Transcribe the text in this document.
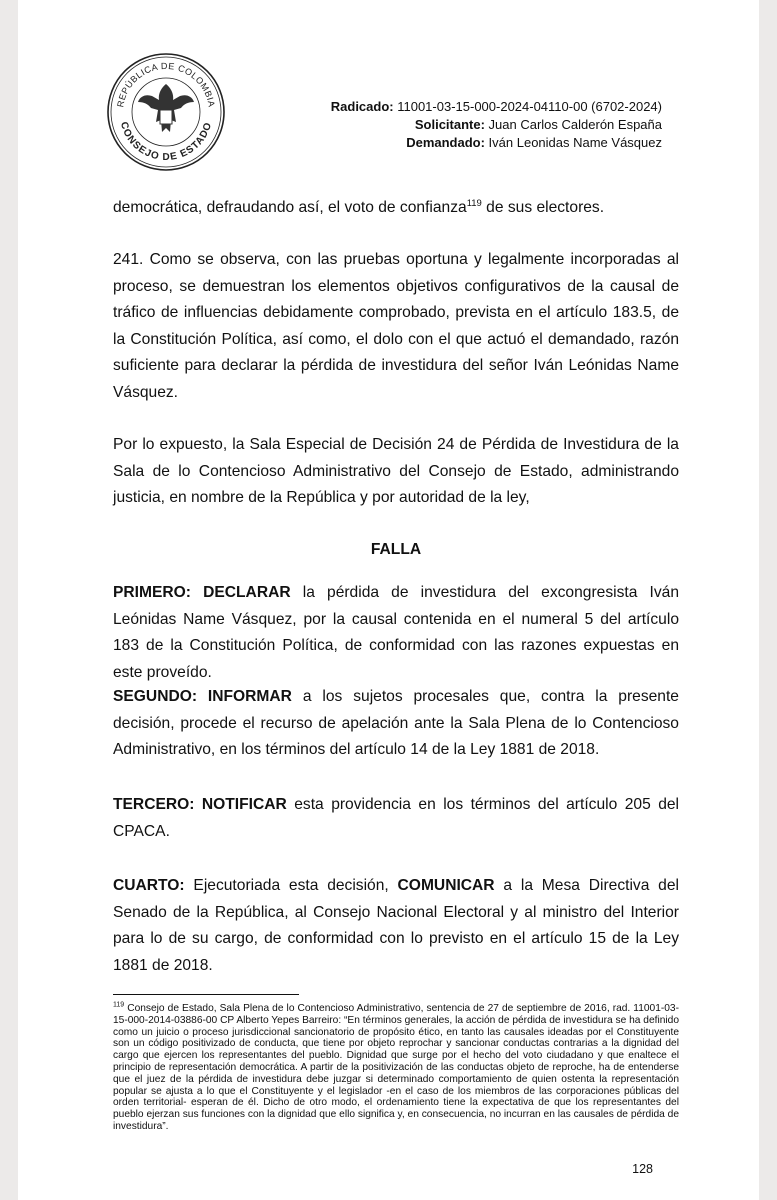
REPÚBLICA DE COLOMBIA
CONSEJO DE ESTADO
Radicado: 11001-03-15-000-2024-04110-00 (6702-2024)
Solicitante: Juan Carlos Calderón España
Demandado: Iván Leonidas Name Vásquez

democrática, defraudando así, el voto de confianza$^{119}$ de sus electores.

241. Como se observa, con las pruebas oportuna y legalmente incorporadas al proceso, se demuestran los elementos objetivos configurativos de la causal de tráfico de influencias debidamente comprobado, prevista en el artículo 183.5, de la Constitución Política, así como, el dolo con el que actuó el demandado, razón suficiente para declarar la pérdida de investidura del señor Iván Leónidas Name Vásquez.

Por lo expuesto, la Sala Especial de Decisión 24 de Pérdida de Investidura de la Sala de lo Contencioso Administrativo del Consejo de Estado, administrando justicia, en nombre de la República y por autoridad de la ley,

FALLA

PRIMERO: DECLARAR la pérdida de investidura del excongresista Iván Leónidas Name Vásquez, por la causal contenida en el numeral 5 del artículo 183 de la Constitución Política, de conformidad con las razones expuestas en este proveído.

SEGUNDO: INFORMAR a los sujetos procesales que, contra la presente decisión, procede el recurso de apelación ante la Sala Plena de lo Contencioso Administrativo, en los términos del artículo 14 de la Ley 1881 de 2018.

TERCERO: NOTIFICAR esta providencia en los términos del artículo 205 del CPACA.

CUARTO: Ejecutoriada esta decisión, COMUNICAR a la Mesa Directiva del Senado de la República, al Consejo Nacional Electoral y al ministro del Interior para lo de su cargo, de conformidad con lo previsto en el artículo 15 de la Ley 1881 de 2018.

$^{119}$ Consejo de Estado, Sala Plena de lo Contencioso Administrativo, sentencia de 27 de septiembre de 2016, rad. 11001-03-15-000-2014-03886-00 CP Alberto Yepes Barreiro: “En términos generales, la acción de pérdida de investidura se ha definido como un juicio o proceso jurisdiccional sancionatorio de propósito ético, en tanto las causales ideadas por el Constituyente son un código positivizado de conducta, que tiene por objeto reprochar y sancionar conductas contrarias a la dignidad del cargo que ejercen los representantes del pueblo. Dignidad que surge por el hecho del voto ciudadano y que enaltece el principio de representación democrática. A partir de la positivización de las conductas objeto de reproche, ha de entenderse que el juez de la pérdida de investidura debe juzgar si determinado comportamiento de quien ostenta la representación popular se ajusta a lo que el Constituyente y el legislador -en el caso de los miembros de las corporaciones públicas del orden territorial- esperan de él. Dicho de otro modo, el ordenamiento tiene la expectativa de que los representantes del pueblo ejerzan sus funciones con la dignidad que ello significa y, en consecuencia, no incurran en las causales de pérdida de investidura”.
128
